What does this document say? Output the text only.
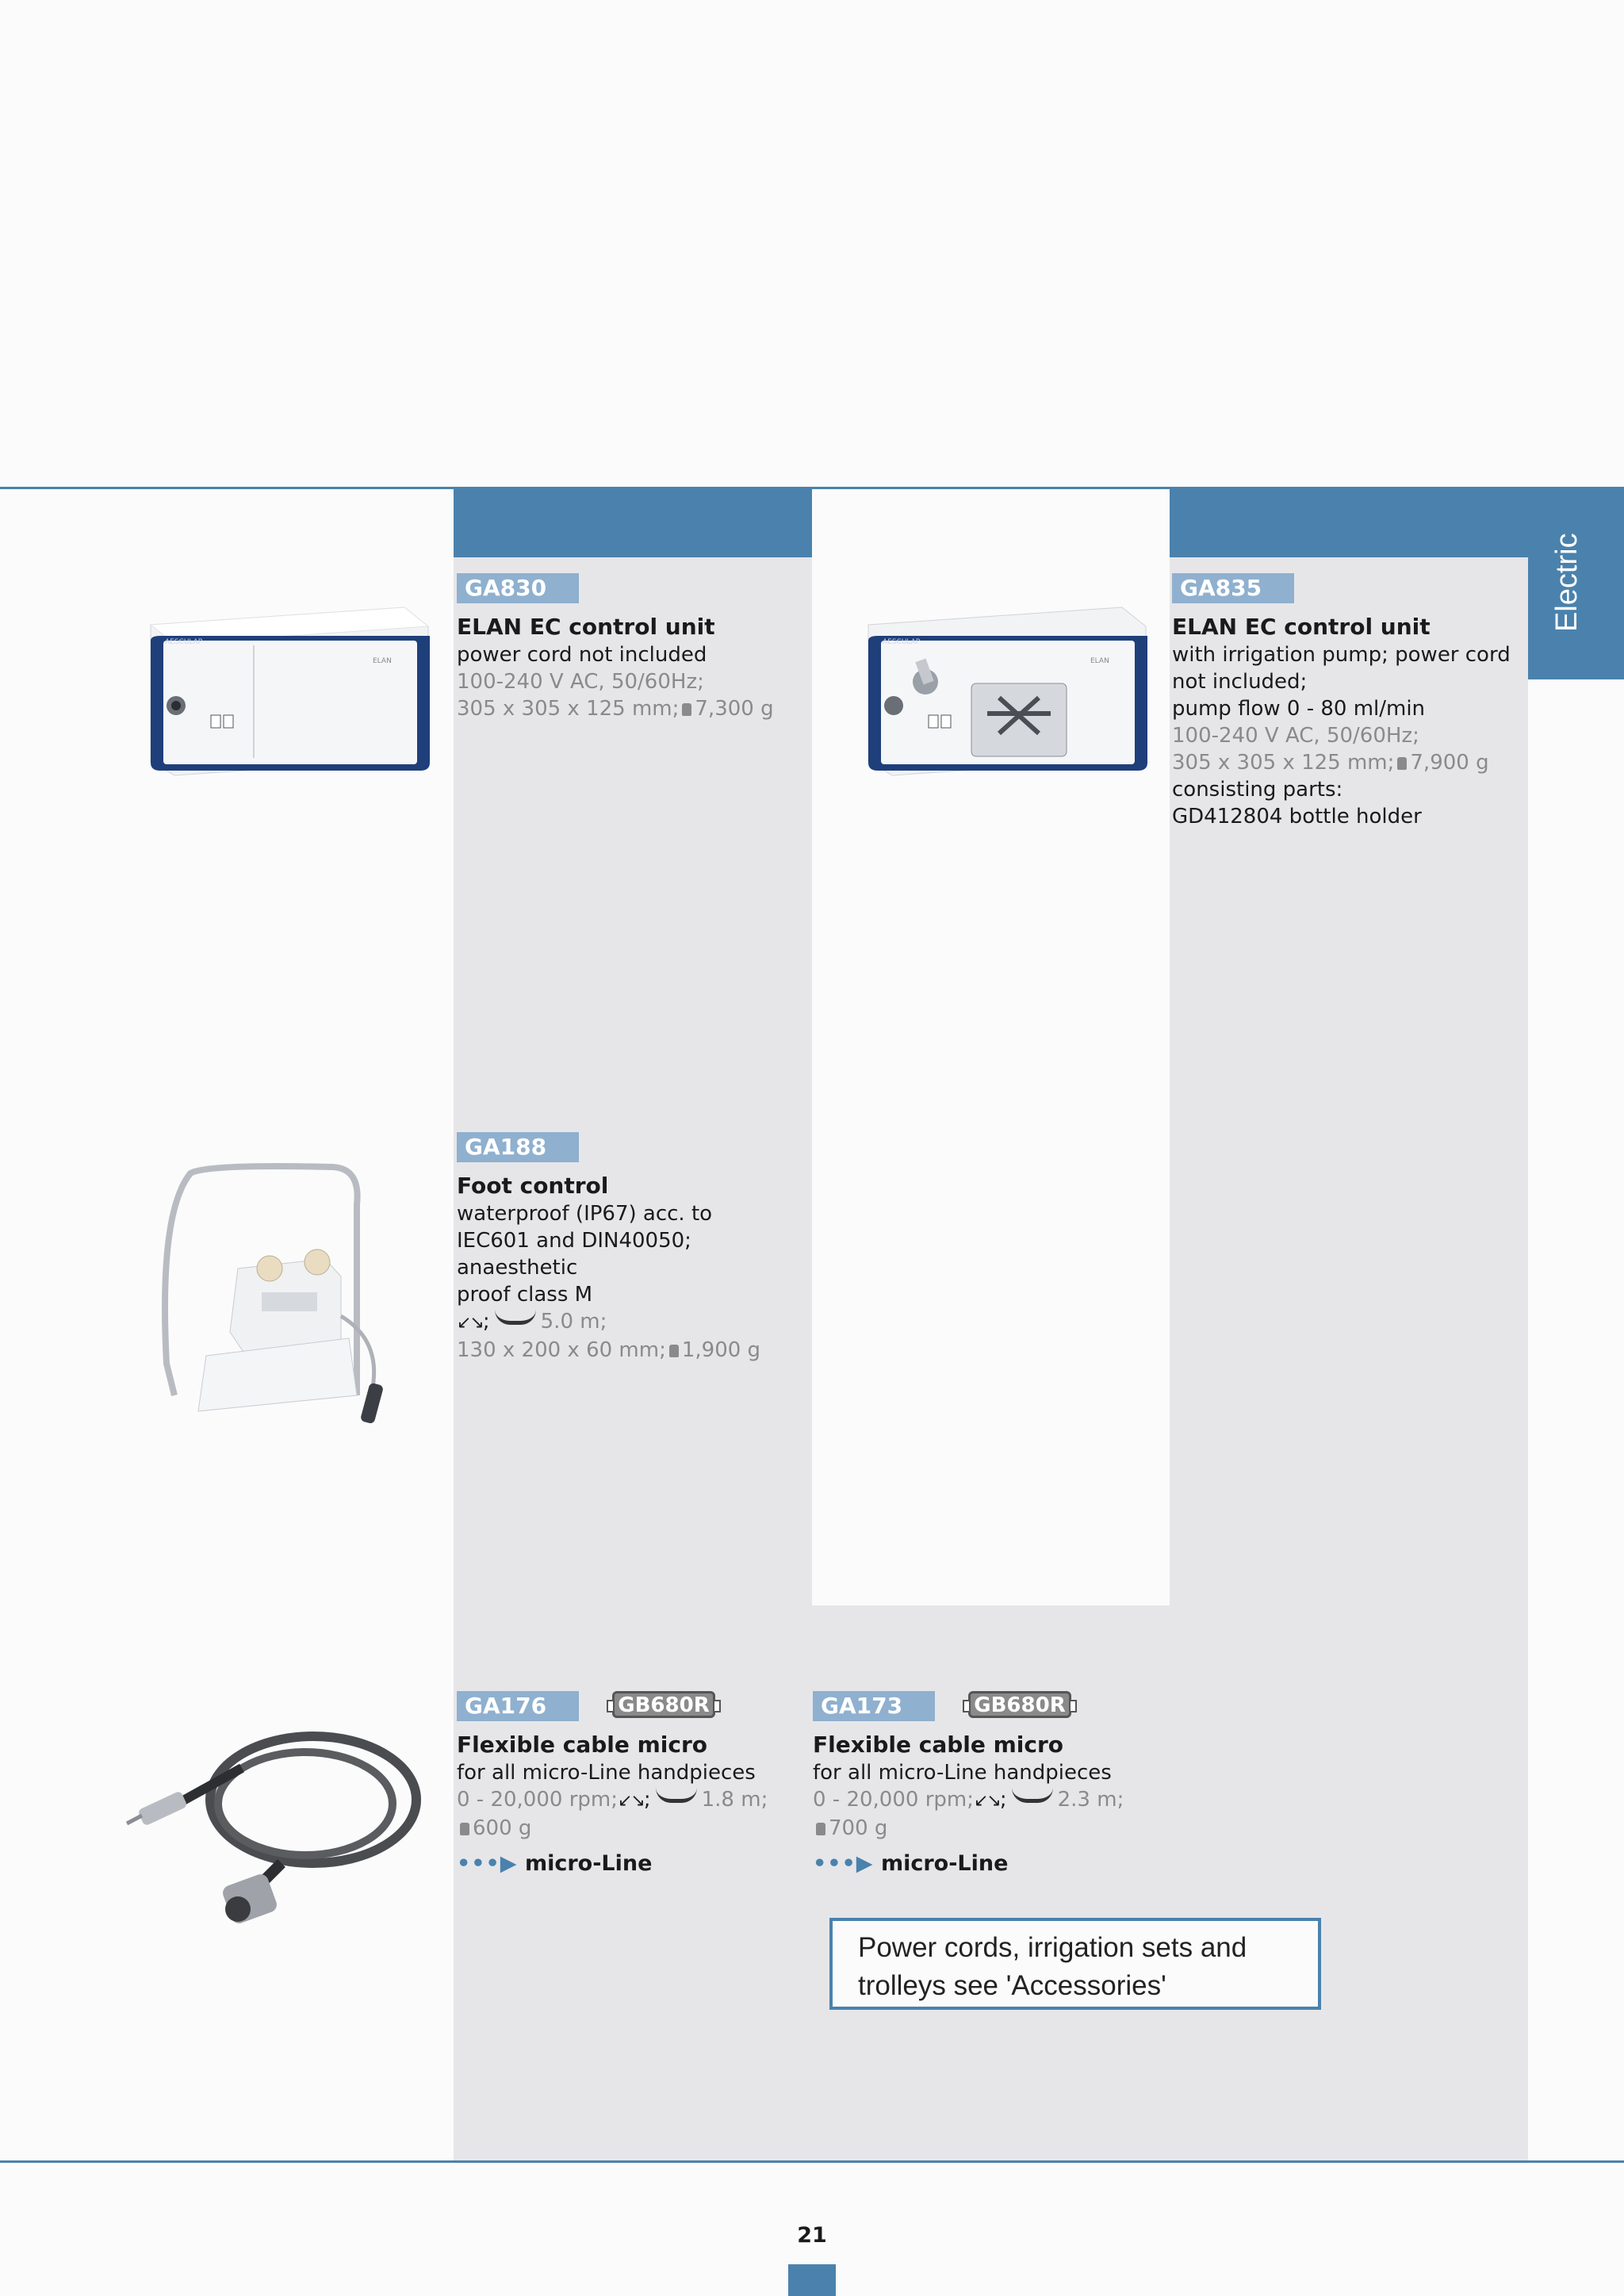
Electric
AESCULAP
ELAN
AESCULAP
ELAN
GA830
ELAN EC control unit
power cord not included
100-240 V AC, 50/60Hz;
305 x 305 x 125 mm; 7,300 g
GA835
ELAN EC control unit
with irrigation pump; power cord
not included;
pump flow 0 - 80 ml/min
100-240 V AC, 50/60Hz;
305 x 305 x 125 mm; 7,900 g
consisting parts:
GD412804 bottle holder
GA188
Foot control
waterproof (IP67) acc. to
IEC601 and DIN40050; anaesthetic
proof class M
↙↘; 5.0 m;
130 x 200 x 60 mm; 1,900 g
GA176	GB680R
Flexible cable micro
for all micro-Line handpieces
0 - 20,000 rpm;↙↘; 1.8 m;
600 g
•••▶ micro-Line
GA173	GB680R
Flexible cable micro
for all micro-Line handpieces
0 - 20,000 rpm;↙↘; 2.3 m;
700 g
•••▶ micro-Line
Power cords, irrigation sets and trolleys see 'Accessories'
21
